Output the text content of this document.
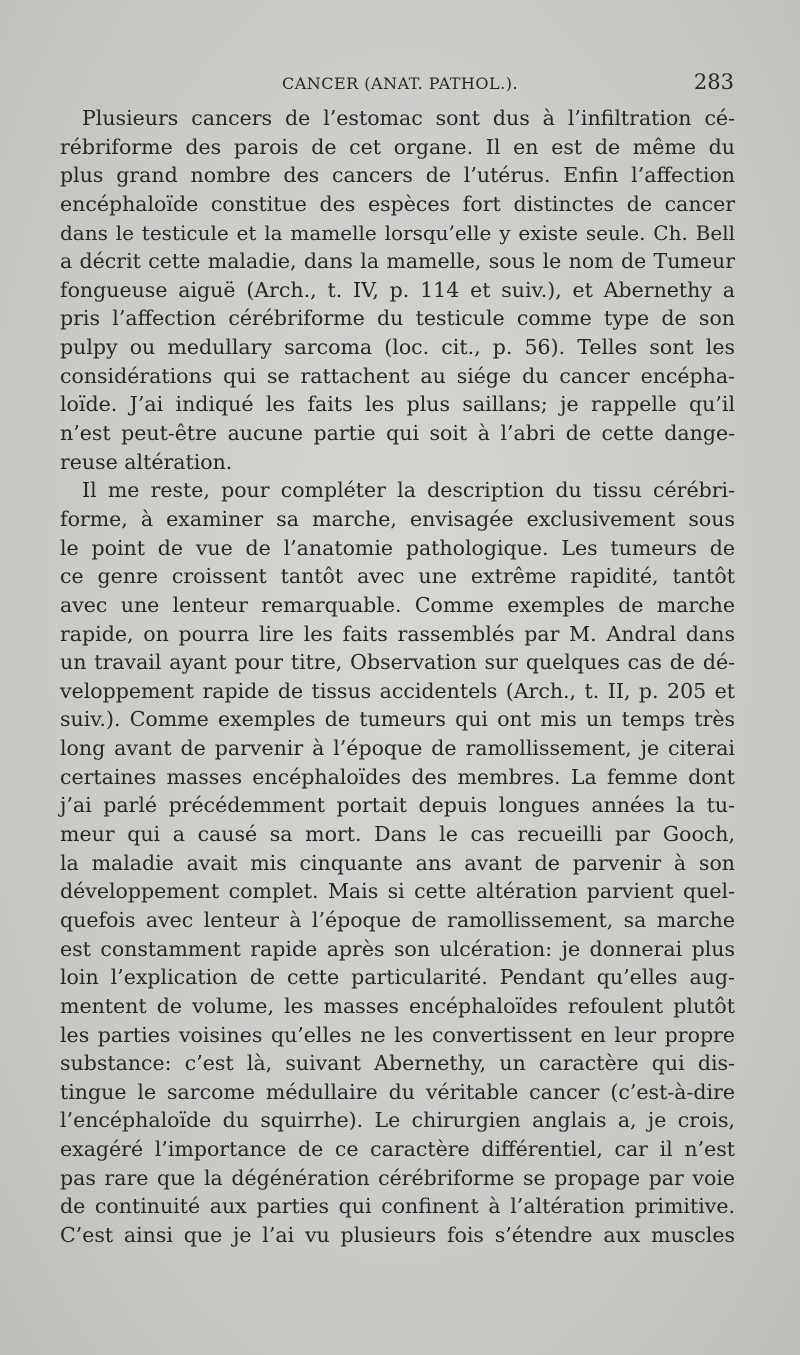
CANCER (ANAT. PATHOL.).	283
Plusieurs cancers de l’estomac sont dus à l’infiltration cé-
rébriforme des parois de cet organe. Il en est de même du
plus grand nombre des cancers de l’utérus. Enfin l’affection
encéphaloïde constitue des espèces fort distinctes de cancer
dans le testicule et la mamelle lorsqu’elle y existe seule. Ch. Bell
a décrit cette maladie, dans la mamelle, sous le nom de Tumeur
fongueuse aiguë (Arch., t. IV, p. 114 et suiv.), et Abernethy a
pris l’affection cérébriforme du testicule comme type de son
pulpy ou medullary sarcoma (loc. cit., p. 56). Telles sont les
considérations qui se rattachent au siége du cancer encépha-
loïde. J’ai indiqué les faits les plus saillans; je rappelle qu’il
n’est peut-être aucune partie qui soit à l’abri de cette dange-
reuse altération.
Il me reste, pour compléter la description du tissu cérébri-
forme, à examiner sa marche, envisagée exclusivement sous
le point de vue de l’anatomie pathologique. Les tumeurs de
ce genre croissent tantôt avec une extrême rapidité, tantôt
avec une lenteur remarquable. Comme exemples de marche
rapide, on pourra lire les faits rassemblés par M. Andral dans
un travail ayant pour titre, Observation sur quelques cas de dé-
veloppement rapide de tissus accidentels (Arch., t. II, p. 205 et
suiv.). Comme exemples de tumeurs qui ont mis un temps très
long avant de parvenir à l’époque de ramollissement, je citerai
certaines masses encéphaloïdes des membres. La femme dont
j’ai parlé précédemment portait depuis longues années la tu-
meur qui a causé sa mort. Dans le cas recueilli par Gooch,
la maladie avait mis cinquante ans avant de parvenir à son
développement complet. Mais si cette altération parvient quel-
quefois avec lenteur à l’époque de ramollissement, sa marche
est constamment rapide après son ulcération: je donnerai plus
loin l’explication de cette particularité. Pendant qu’elles aug-
mentent de volume, les masses encéphaloïdes refoulent plutôt
les parties voisines qu’elles ne les convertissent en leur propre
substance: c’est là, suivant Abernethy, un caractère qui dis-
tingue le sarcome médullaire du véritable cancer (c’est-à-dire
l’encéphaloïde du squirrhe). Le chirurgien anglais a, je crois,
exagéré l’importance de ce caractère différentiel, car il n’est
pas rare que la dégénération cérébriforme se propage par voie
de continuité aux parties qui confinent à l’altération primitive.
C’est ainsi que je l’ai vu plusieurs fois s’étendre aux muscles
